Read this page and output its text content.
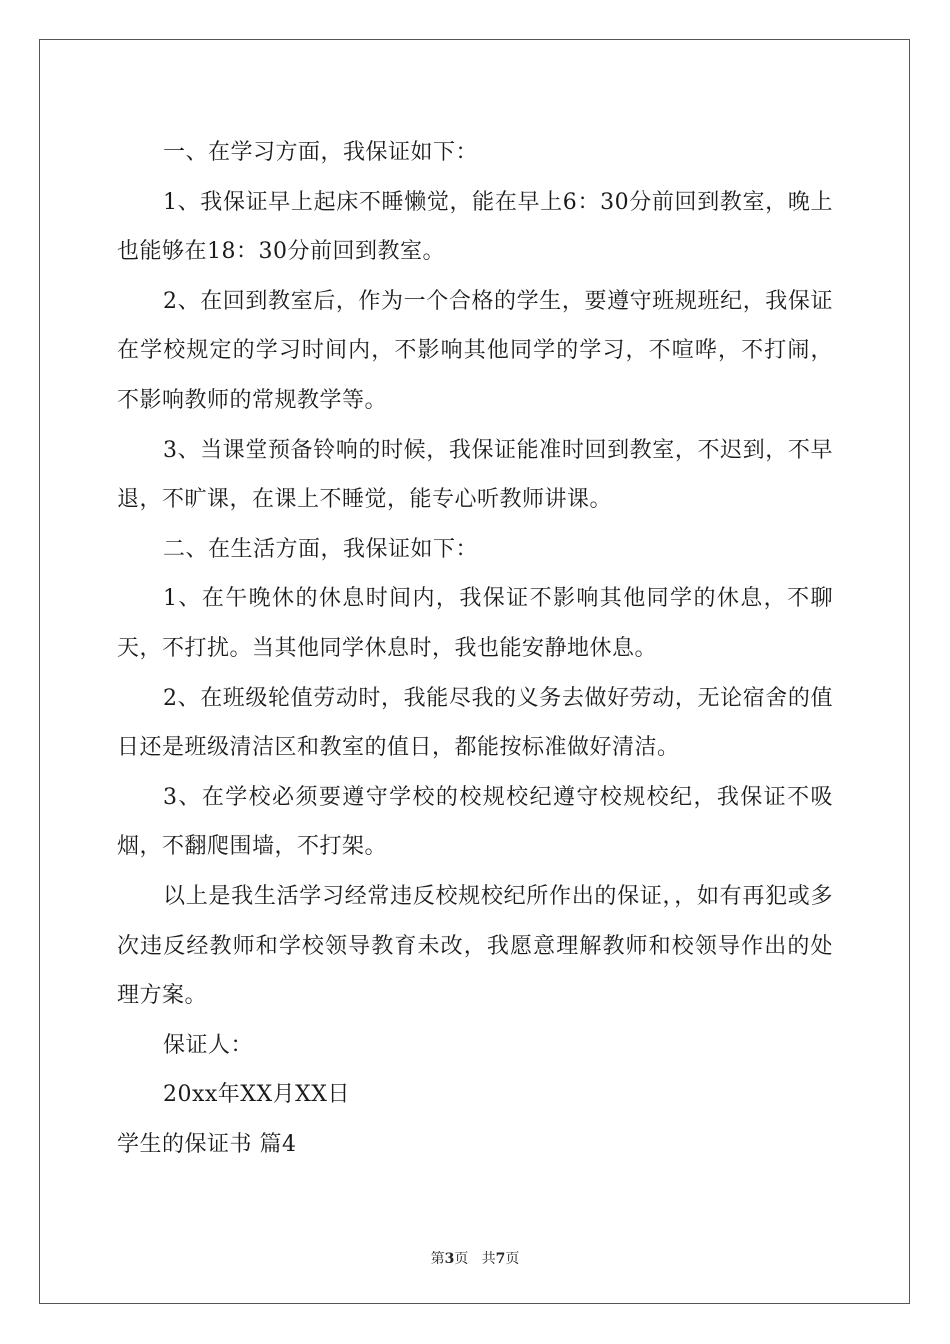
一、在学习方面，我保证如下：

1、我保证早上起床不睡懒觉，能在早上6：30分前回到教室，晚上也能够在18：30分前回到教室。

2、在回到教室后，作为一个合格的学生，要遵守班规班纪，我保证在学校规定的学习时间内，不影响其他同学的学习，不喧哗，不打闹，不影响教师的常规教学等。

3、当课堂预备铃响的时候，我保证能准时回到教室，不迟到，不早退，不旷课，在课上不睡觉，能专心听教师讲课。

二、在生活方面，我保证如下：

1、在午晚休的休息时间内，我保证不影响其他同学的休息，不聊天，不打扰。当其他同学休息时，我也能安静地休息。

2、在班级轮值劳动时，我能尽我的义务去做好劳动，无论宿舍的值日还是班级清洁区和教室的值日，都能按标准做好清洁。

3、在学校必须要遵守学校的校规校纪遵守校规校纪，我保证不吸烟，不翻爬围墙，不打架。

以上是我生活学习经常违反校规校纪所作出的保证，，如有再犯或多次违反经教师和学校领导教育未改，我愿意理解教师和校领导作出的处理方案。

保证人：

20xx年XX月XX日

学生的保证书 篇4

第3页   共7页
